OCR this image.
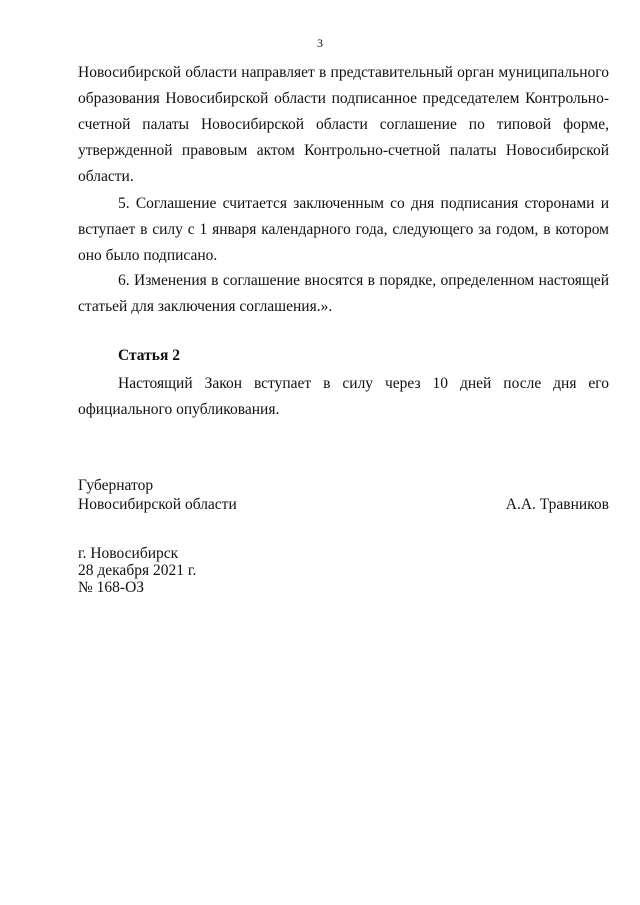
3

Новосибирской области направляет в представительный орган муниципального образования Новосибирской области подписанное председателем Контрольно-счетной палаты Новосибирской области соглашение по типовой форме, утвержденной правовым актом Контрольно-счетной палаты Новосибирской области.

5. Соглашение считается заключенным со дня подписания сторонами и вступает в силу с 1 января календарного года, следующего за годом, в котором оно было подписано.

6. Изменения в соглашение вносятся в порядке, определенном настоящей статьей для заключения соглашения.».

Статья 2

Настоящий Закон вступает в силу через 10 дней после дня его официального опубликования.

Губернатор
Новосибирской области	А.А. Травников
г. Новосибирск
28 декабря 2021 г.
№ 168-ОЗ
